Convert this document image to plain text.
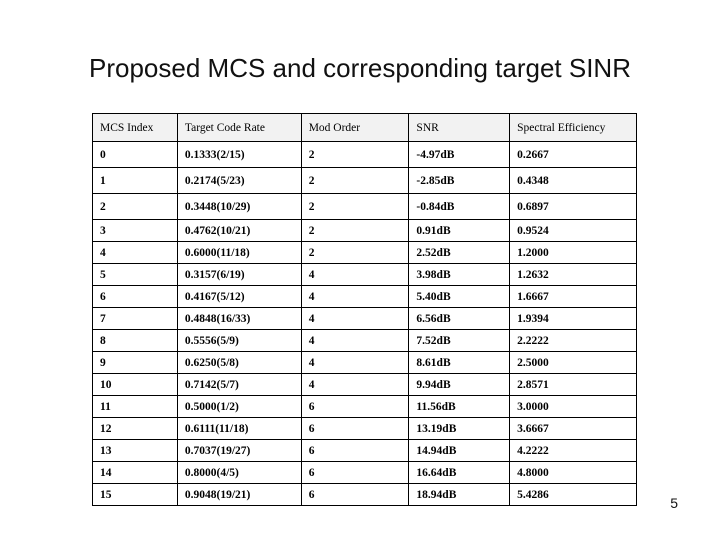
Proposed MCS and corresponding target SINR
MCS Index	Target Code Rate	Mod Order	SNR	Spectral Efficiency
0	0.1333(2/15)	2	-4.97dB	0.2667
1	0.2174(5/23)	2	-2.85dB	0.4348
2	0.3448(10/29)	2	-0.84dB	0.6897
3	0.4762(10/21)	2	0.91dB	0.9524
4	0.6000(11/18)	2	2.52dB	1.2000
5	0.3157(6/19)	4	3.98dB	1.2632
6	0.4167(5/12)	4	5.40dB	1.6667
7	0.4848(16/33)	4	6.56dB	1.9394
8	0.5556(5/9)	4	7.52dB	2.2222
9	0.6250(5/8)	4	8.61dB	2.5000
10	0.7142(5/7)	4	9.94dB	2.8571
11	0.5000(1/2)	6	11.56dB	3.0000
12	0.6111(11/18)	6	13.19dB	3.6667
13	0.7037(19/27)	6	14.94dB	4.2222
14	0.8000(4/5)	6	16.64dB	4.8000
15	0.9048(19/21)	6	18.94dB	5.4286
5
